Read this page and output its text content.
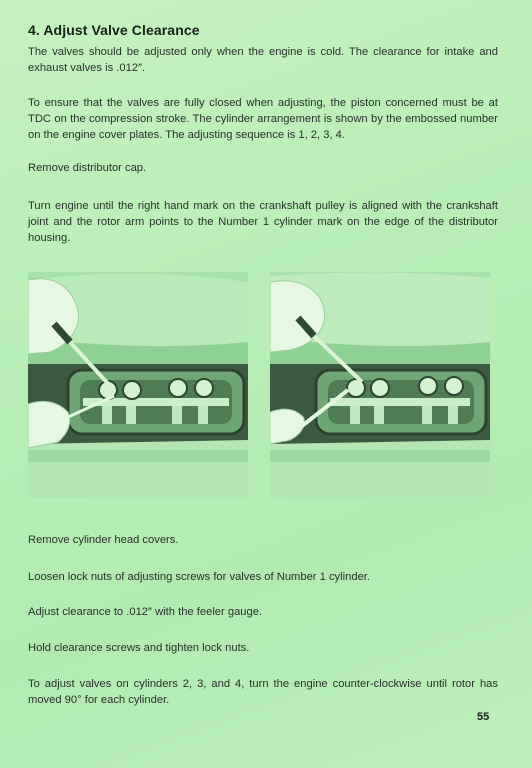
4. Adjust Valve Clearance
The valves should be adjusted only when the engine is cold. The clearance for intake and exhaust valves is .012″.
To ensure that the valves are fully closed when adjusting, the piston concerned must be at TDC on the compression stroke. The cylinder arrangement is shown by the embossed number on the engine cover plates. The adjusting sequence is 1, 2, 3, 4.
Remove distributor cap.
Turn engine until the right hand mark on the crankshaft pulley is aligned with the crankshaft joint and the rotor arm points to the Number 1 cylinder mark on the edge of the distributor housing.
Remove cylinder head covers.
Loosen lock nuts of adjusting screws for valves of Number 1 cylinder.
Adjust clearance to .012″ with the feeler gauge.
Hold clearance screws and tighten lock nuts.
To adjust valves on cylinders 2, 3, and 4, turn the engine counter-clockwise until rotor has moved 90° for each cylinder.
55
